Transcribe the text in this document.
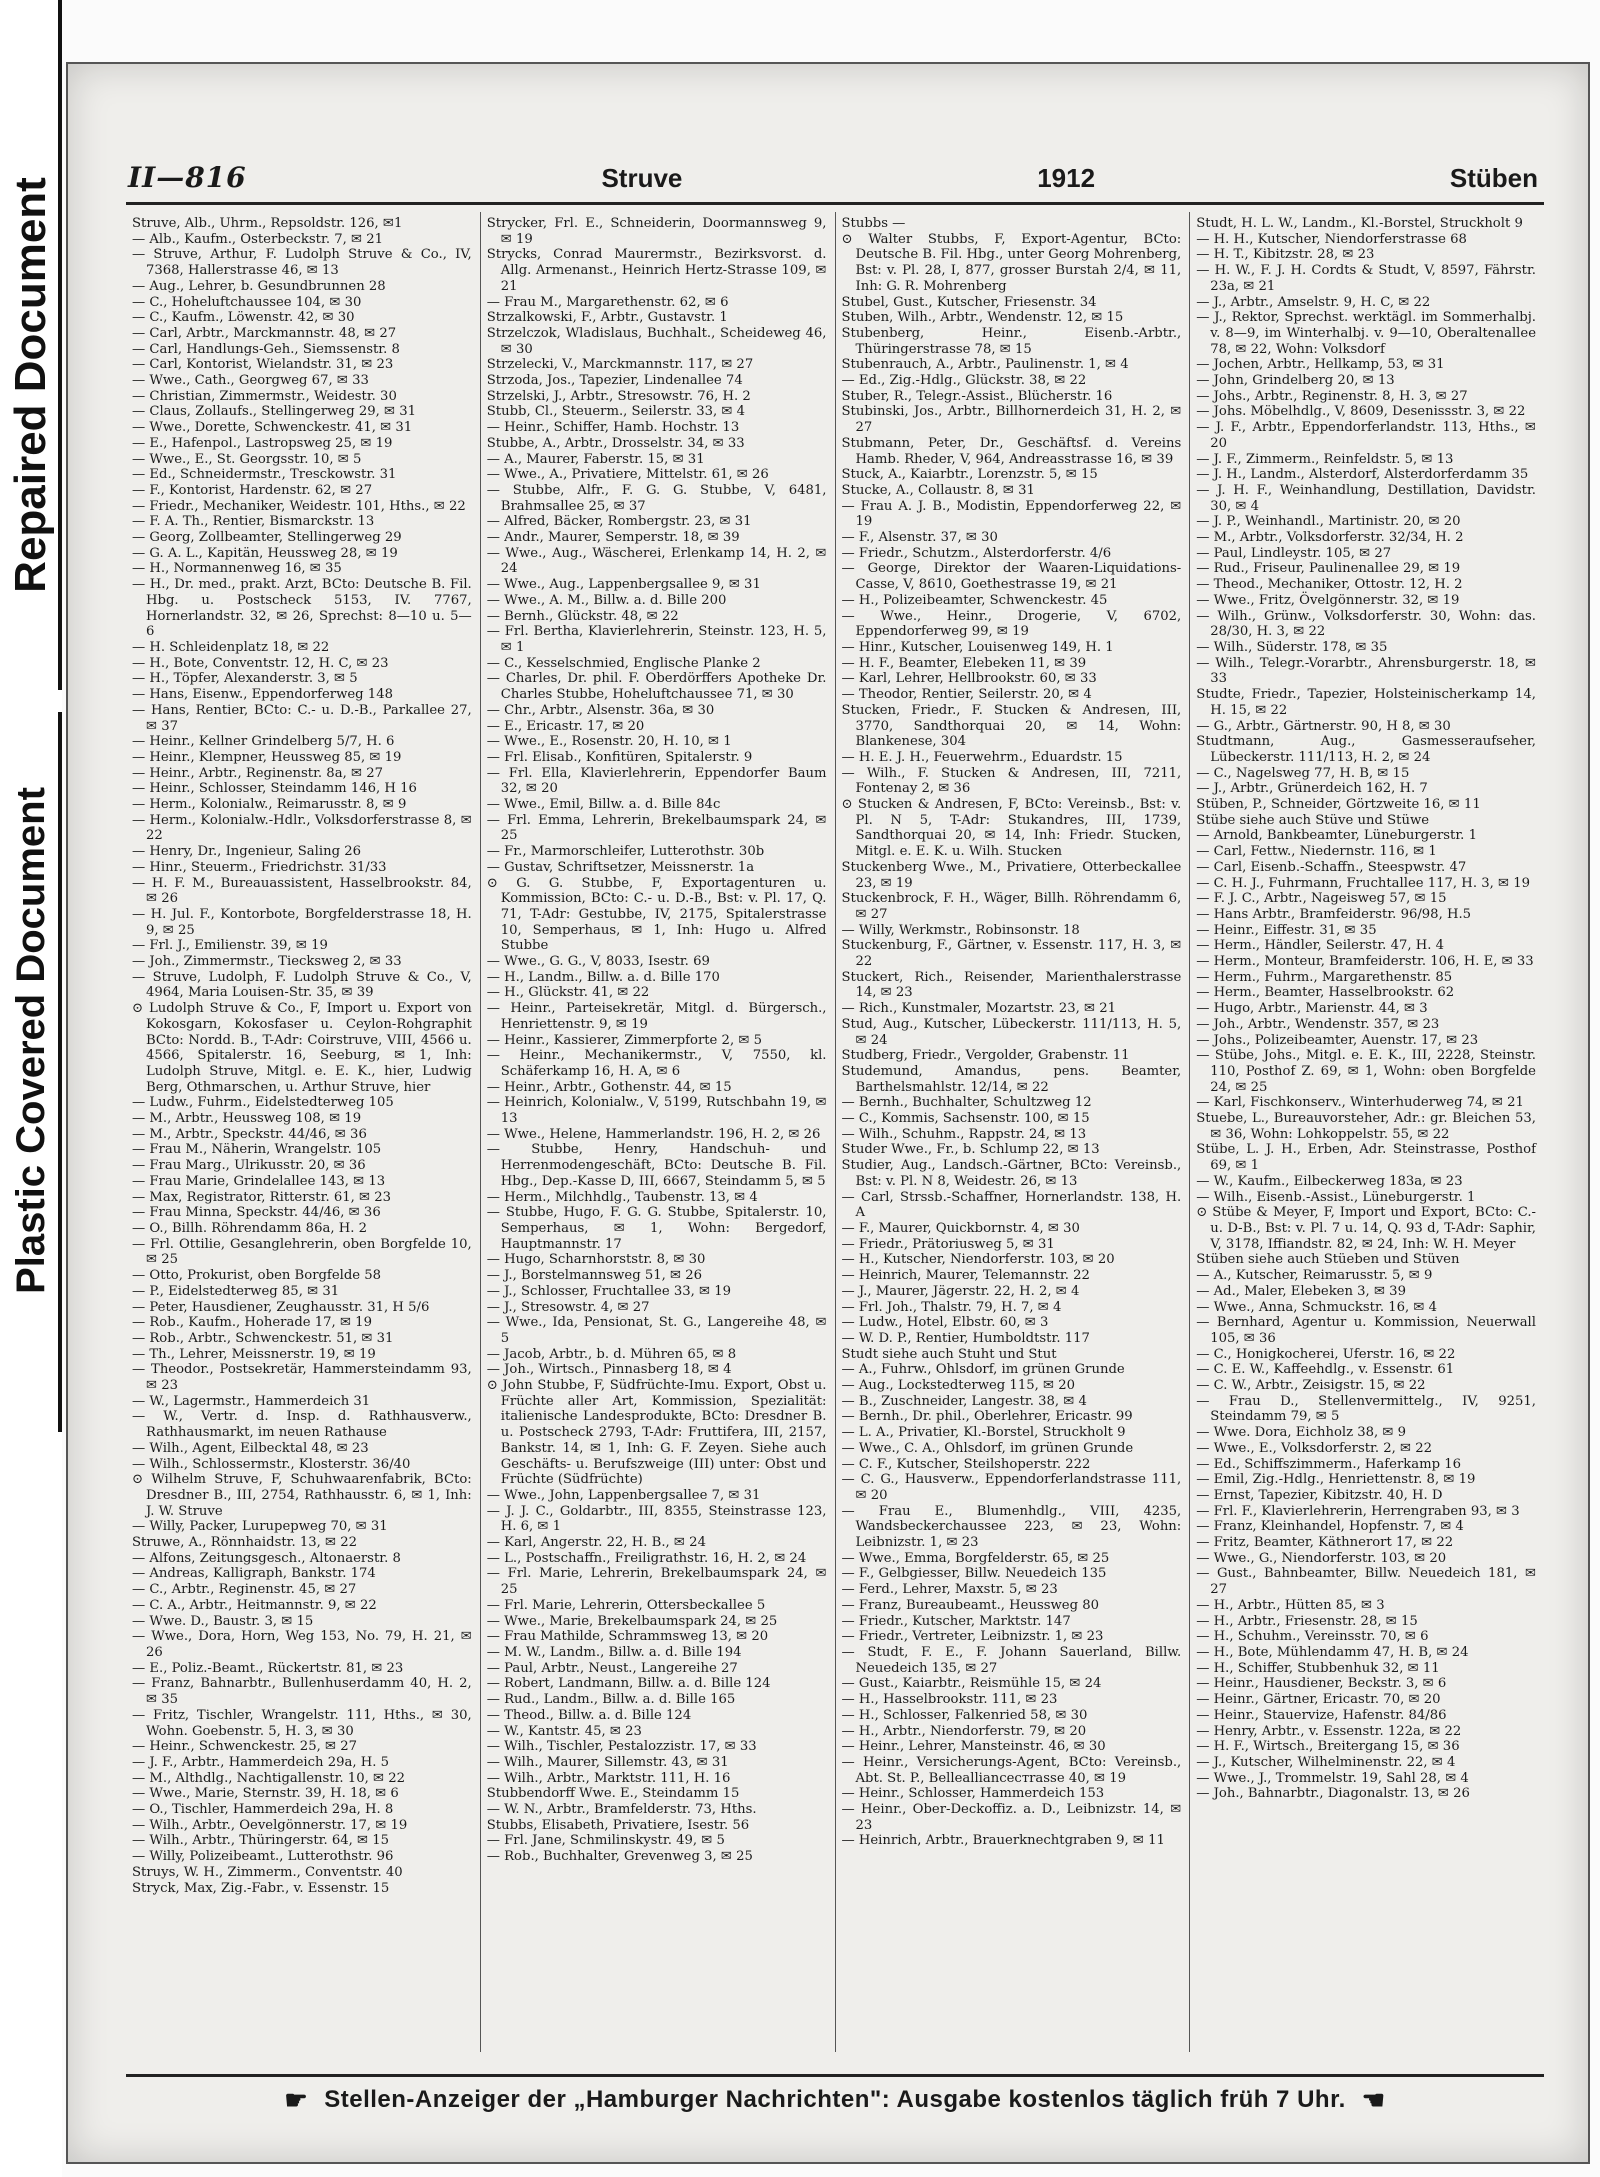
Repaired Document
Plastic Covered Document
II—816	Struve	1912	Stüben

Struve, Alb., Uhrm., Repsoldstr. 126, ✉1

— Alb., Kaufm., Osterbeckstr. 7, ✉ 21

— Struve, Arthur, F. Ludolph Struve & Co., IV, 7368, Hallerstrasse 46, ✉ 13

— Aug., Lehrer, b. Gesundbrunnen 28

— C., Hoheluftchaussee 104, ✉ 30

— C., Kaufm., Löwenstr. 42, ✉ 30

— Carl, Arbtr., Marckmannstr. 48, ✉ 27

— Carl, Handlungs-Geh., Siemssenstr. 8

— Carl, Kontorist, Wielandstr. 31, ✉ 23

— Wwe., Cath., Georgweg 67, ✉ 33

— Christian, Zimmermstr., Weidestr. 30

— Claus, Zollaufs., Stellingerweg 29, ✉ 31

— Wwe., Dorette, Schwenckestr. 41, ✉ 31

— E., Hafenpol., Lastropsweg 25, ✉ 19

— Wwe., E., St. Georgsstr. 10, ✉ 5

— Ed., Schneidermstr., Tresckowstr. 31

— F., Kontorist, Hardenstr. 62, ✉ 27

— Friedr., Mechaniker, Weidestr. 101, Hths., ✉ 22

— F. A. Th., Rentier, Bismarckstr. 13

— Georg, Zollbeamter, Stellingerweg 29

— G. A. L., Kapitän, Heussweg 28, ✉ 19

— H., Normannenweg 16, ✉ 35

— H., Dr. med., prakt. Arzt, BCto: Deutsche B. Fil. Hbg. u. Postscheck 5153, IV. 7767, Hornerlandstr. 32, ✉ 26, Sprechst: 8—10 u. 5—6

— H. Schleidenplatz 18, ✉ 22

— H., Bote, Conventstr. 12, H. C, ✉ 23

— H., Töpfer, Alexanderstr. 3, ✉ 5

— Hans, Eisenw., Eppendorferweg 148

— Hans, Rentier, BCto: C.- u. D.-B., Parkallee 27, ✉ 37

— Heinr., Kellner Grindelberg 5/7, H. 6

— Heinr., Klempner, Heussweg 85, ✉ 19

— Heinr., Arbtr., Reginenstr. 8a, ✉ 27

— Heinr., Schlosser, Steindamm 146, H 16

— Herm., Kolonialw., Reimarusstr. 8, ✉ 9

— Herm., Kolonialw.-Hdlr., Volksdorferstrasse 8, ✉ 22

— Henry, Dr., Ingenieur, Saling 26

— Hinr., Steuerm., Friedrichstr. 31/33

— H. F. M., Bureauassistent, Hasselbrookstr. 84, ✉ 26

— H. Jul. F., Kontorbote, Borgfelderstrasse 18, H. 9, ✉ 25

— Frl. J., Emilienstr. 39, ✉ 19

— Joh., Zimmermstr., Tiecksweg 2, ✉ 33

— Struve, Ludolph, F. Ludolph Struve & Co., V, 4964, Maria Louisen-Str. 35, ✉ 39

⊙ Ludolph Struve & Co., F, Import u. Export von Kokosgarn, Kokosfaser u. Ceylon-Rohgraphit BCto: Nordd. B., T-Adr: Coirstruve, VIII, 4566 u. 4566, Spitalerstr. 16, Seeburg, ✉ 1, Inh: Ludolph Struve, Mitgl. e. E. K., hier, Ludwig Berg, Othmarschen, u. Arthur Struve, hier

— Ludw., Fuhrm., Eidelstedterweg 105

— M., Arbtr., Heussweg 108, ✉ 19

— M., Arbtr., Speckstr. 44/46, ✉ 36

— Frau M., Näherin, Wrangelstr. 105

— Frau Marg., Ulrikusstr. 20, ✉ 36

— Frau Marie, Grindelallee 143, ✉ 13

— Max, Registrator, Ritterstr. 61, ✉ 23

— Frau Minna, Speckstr. 44/46, ✉ 36

— O., Billh. Röhrendamm 86a, H. 2

— Frl. Ottilie, Gesanglehrerin, oben Borgfelde 10, ✉ 25

— Otto, Prokurist, oben Borgfelde 58

— P., Eidelstedterweg 85, ✉ 31

— Peter, Hausdiener, Zeughausstr. 31, H 5/6

— Rob., Kaufm., Hoheradе 17, ✉ 19

— Rob., Arbtr., Schwenckestr. 51, ✉ 31

— Th., Lehrer, Meissnerstr. 19, ✉ 19

— Theodor., Postsekretär, Hammersteindamm 93, ✉ 23

— W., Lagermstr., Hammerdeich 31

— W., Vertr. d. Insp. d. Rathhausverw., Rathhausmarkt, im neuen Rathause

— Wilh., Agent, Eilbecktal 48, ✉ 23

— Wilh., Schlossermstr., Klosterstr. 36/40

⊙ Wilhelm Struve, F, Schuhwaarenfabrik, BCto: Dresdner B., III, 2754, Rathhausstr. 6, ✉ 1, Inh: J. W. Struve

— Willy, Packer, Lurupерweg 70, ✉ 31

Struwe, A., Rönnhaidstr. 13, ✉ 22

— Alfons, Zeitungsgesch., Altonaerstr. 8

— Andreas, Kalligraph, Bankstr. 174

— C., Arbtr., Reginenstr. 45, ✉ 27

— C. A., Arbtr., Heitmannstr. 9, ✉ 22

— Wwe. D., Baustr. 3, ✉ 15

— Wwe., Dora, Horn, Weg 153, No. 79, H. 21, ✉ 26

— E., Poliz.-Beamt., Rückertstr. 81, ✉ 23

— Franz, Bahnarbtr., Bullenhuserdamm 40, H. 2, ✉ 35

— Fritz, Tischler, Wrangelstr. 111, Hths., ✉ 30, Wohn. Goebenstr. 5, H. 3, ✉ 30

— Heinr., Schwenckestr. 25, ✉ 27

— J. F., Arbtr., Hammerdeich 29a, H. 5

— M., Althdlg., Nachtigallenstr. 10, ✉ 22

— Wwe., Marie, Sternstr. 39, H. 18, ✉ 6

— O., Tischler, Hammerdeich 29a, H. 8

— Wilh., Arbtr., Oevelgönnerstr. 17, ✉ 19

— Wilh., Arbtr., Thüringerstr. 64, ✉ 15

— Willy, Polizeibeamt., Lutterothstr. 96

Struys, W. H., Zimmerm., Conventstr. 40

Stryck, Max, Zig.-Fabr., v. Essenstr. 15

Strycker, Frl. E., Schneiderin, Doormannsweg 9, ✉ 19

Strycks, Conrad Maurermstr., Bezirksvorst. d. Allg. Armenanst., Heinrich Hertz-Strasse 109, ✉ 21

— Frau M., Margarethenstr. 62, ✉ 6

Strzalkowski, F., Arbtr., Gustavstr. 1

Strzelczok, Wladislaus, Buchhalt., Scheideweg 46, ✉ 30

Strzelecki, V., Marckmannstr. 117, ✉ 27

Strzoda, Jos., Tapezier, Lindenallee 74

Strzelski, J., Arbtr., Stresowstr. 76, H. 2

Stubb, Cl., Steuerm., Seilerstr. 33, ✉ 4

— Heinr., Schiffer, Hamb. Hochstr. 13

Stubbe, A., Arbtr., Drosselstr. 34, ✉ 33

— A., Maurer, Faberstr. 15, ✉ 31

— Wwe., A., Privatiere, Mittelstr. 61, ✉ 26

— Stubbe, Alfr., F. G. G. Stubbe, V, 6481, Brahmsallee 25, ✉ 37

— Alfred, Bäcker, Rombergstr. 23, ✉ 31

— Andr., Maurer, Semperstr. 18, ✉ 39

— Wwe., Aug., Wäscherei, Erlenkamp 14, H. 2, ✉ 24

— Wwe., Aug., Lappenbergsallee 9, ✉ 31

— Wwe., A. M., Billw. a. d. Bille 200

— Bernh., Glückstr. 48, ✉ 22

— Frl. Bertha, Klavierlehrerin, Steinstr. 123, H. 5, ✉ 1

— C., Kesselschmied, Englische Planke 2

— Charles, Dr. phil. F. Oberdörffers Apotheke Dr. Charles Stubbe, Hoheluftchaussee 71, ✉ 30

— Chr., Arbtr., Alsenstr. 36a, ✉ 30

— E., Ericastr. 17, ✉ 20

— Wwe., E., Rosenstr. 20, H. 10, ✉ 1

— Frl. Elisab., Konfitüren, Spitalerstr. 9

— Frl. Ella, Klavierlehrerin, Eppendorfer Baum 32, ✉ 20

— Wwe., Emil, Billw. a. d. Bille 84c

— Frl. Emma, Lehrerin, Brekelbaumspark 24, ✉ 25

— Fr., Marmorschleifer, Lutterothstr. 30b

— Gustav, Schriftsetzer, Meissnerstr. 1a

⊙ G. G. Stubbe, F, Exportagenturen u. Kommission, BCto: C.- u. D.-B., Bst: v. Pl. 17, Q. 71, T-Adr: Gestubbe, IV, 2175, Spitalerstrasse 10, Semperhaus, ✉ 1, Inh: Hugo u. Alfred Stubbe

— Wwe., G. G., V, 8033, Isestr. 69

— H., Landm., Billw. a. d. Bille 170

— H., Glückstr. 41, ✉ 22

— Heinr., Parteisekretär, Mitgl. d. Bürgersch., Henriettenstr. 9, ✉ 19

— Heinr., Kassierer, Zimmerpforte 2, ✉ 5

— Heinr., Mechanikermstr., V, 7550, kl. Schäferkamp 16, H. A, ✉ 6

— Heinr., Arbtr., Gothenstr. 44, ✉ 15

— Heinrich, Kolonialw., V, 5199, Rutschbahn 19, ✉ 13

— Wwe., Helene, Hammerlandstr. 196, H. 2, ✉ 26

— Stubbe, Henry, Handschuh- und Herrenmodengeschäft, BCto: Deutsche B. Fil. Hbg., Dep.-Kasse D, III, 6667, Steindamm 5, ✉ 5

— Herm., Milchhdlg., Taubenstr. 13, ✉ 4

— Stubbe, Hugo, F. G. G. Stubbe, Spitalerstr. 10, Semperhaus, ✉ 1, Wohn: Bergedorf, Hauptmannstr. 17

— Hugo, Scharnhorststr. 8, ✉ 30

— J., Borstelmannsweg 51, ✉ 26

— J., Schlosser, Fruchtallee 33, ✉ 19

— J., Stresowstr. 4, ✉ 27

— Wwe., Ida, Pensionat, St. G., Langereihe 48, ✉ 5

— Jacob, Arbtr., b. d. Mühren 65, ✉ 8

— Joh., Wirtsch., Pinnasberg 18, ✉ 4

⊙ John Stubbe, F, Südfrüchte-Imu. Export, Obst u. Früchte aller Art, Kommission, Spezialität: italienische Landesprodukte, BCto: Dresdner B. u. Postscheck 2793, T-Adr: Fruttifera, III, 2157, Bankstr. 14, ✉ 1, Inh: G. F. Zeyen. Siehe auch Geschäfts- u. Berufszweige (III) unter: Obst und Früchte (Südfrüchte)

— Wwe., John, Lappenbergsallee 7, ✉ 31

— J. J. C., Goldarbtr., III, 8355, Steinstrasse 123, H. 6, ✉ 1

— Karl, Angerstr. 22, H. B., ✉ 24

— L., Postschaffn., Freiligrathstr. 16, H. 2, ✉ 24

— Frl. Marie, Lehrerin, Brekelbaumspark 24, ✉ 25

— Frl. Marie, Lehrerin, Ottersbeckallee 5

— Wwe., Marie, Brekelbaumspark 24, ✉ 25

— Frau Mathilde, Schrammsweg 13, ✉ 20

— M. W., Landm., Billw. a. d. Bille 194

— Paul, Arbtr., Neust., Langereihe 27

— Robert, Landmann, Billw. a. d. Bille 124

— Rud., Landm., Billw. a. d. Bille 165

— Theod., Billw. a. d. Bille 124

— W., Kantstr. 45, ✉ 23

— Wilh., Tischler, Pestalozzistr. 17, ✉ 33

— Wilh., Maurer, Sillemstr. 43, ✉ 31

— Wilh., Arbtr., Marktstr. 111, H. 16

Stubbendorff Wwe. E., Steindamm 15

— W. N., Arbtr., Bramfelderstr. 73, Hths.

Stubbs, Elisabeth, Privatiere, Isestr. 56

— Frl. Jane, Schmilinskystr. 49, ✉ 5

— Rob., Buchhalter, Grevenweg 3, ✉ 25

Stubbs —

⊙ Walter Stubbs, F, Export-Agentur, BCto: Deutsche B. Fil. Hbg., unter Georg Mohrenberg, Bst: v. Pl. 28, I, 877, grosser Burstah 2/4, ✉ 11, Inh: G. R. Mohrenberg

Stubel, Gust., Kutscher, Friesenstr. 34

Stuben, Wilh., Arbtr., Wendenstr. 12, ✉ 15

Stubenberg, Heinr., Eisenb.-Arbtr., Thüringerstrasse 78, ✉ 15

Stubenrauch, A., Arbtr., Paulinenstr. 1, ✉ 4

— Ed., Zig.-Hdlg., Glückstr. 38, ✉ 22

Stuber, R., Telegr.-Assist., Blücherstr. 16

Stubinski, Jos., Arbtr., Billhornerdeich 31, H. 2, ✉ 27

Stubmann, Peter, Dr., Geschäftsf. d. Vereins Hamb. Rheder, V, 964, Andreasstrasse 16, ✉ 39

Stuck, A., Kaiarbtr., Lorenzstr. 5, ✉ 15

Stucke, A., Collaustr. 8, ✉ 31

— Frau A. J. B., Modistin, Eppendorferweg 22, ✉ 19

— F., Alsenstr. 37, ✉ 30

— Friedr., Schutzm., Alsterdorferstr. 4/6

— George, Direktor der Waaren-Liquidations-Casse, V, 8610, Goethestrasse 19, ✉ 21

— H., Polizeibeamter, Schwenckestr. 45

— Wwe., Heinr., Drogerie, V, 6702, Eppendorferweg 99, ✉ 19

— Hinr., Kutscher, Louisenweg 149, H. 1

— H. F., Beamter, Elebeken 11, ✉ 39

— Karl, Lehrer, Hellbrookstr. 60, ✉ 33

— Theodor, Rentier, Seilerstr. 20, ✉ 4

Stucken, Friedr., F. Stucken & Andresen, III, 3770, Sandthorquai 20, ✉ 14, Wohn: Blankenese, 304

— H. E. J. H., Feuerwehrm., Eduardstr. 15

— Wilh., F. Stucken & Andresen, III, 7211, Fontenay 2, ✉ 36

⊙ Stucken & Andresen, F, BCto: Vereinsb., Bst: v. Pl. N 5, T-Adr: Stukandres, III, 1739, Sandthorquai 20, ✉ 14, Inh: Friedr. Stucken, Mitgl. e. E. K. u. Wilh. Stucken

Stuckenberg Wwe., M., Privatiere, Otterbeckallee 23, ✉ 19

Stuckenbrock, F. H., Wäger, Billh. Röhrendamm 6, ✉ 27

— Willy, Werkmstr., Robinsonstr. 18

Stuckenburg, F., Gärtner, v. Essenstr. 117, H. 3, ✉ 22

Stuckert, Rich., Reisender, Marienthalerstrasse 14, ✉ 23

— Rich., Kunstmaler, Mozartstr. 23, ✉ 21

Stud, Aug., Kutscher, Lübeckerstr. 111/113, H. 5, ✉ 24

Studberg, Friedr., Vergolder, Grabenstr. 11

Studemund, Amandus, pens. Beamter, Barthelsmahlstr. 12/14, ✉ 22

— Bernh., Buchhalter, Schultzweg 12

— C., Kommis, Sachsenstr. 100, ✉ 15

— Wilh., Schuhm., Rappstr. 24, ✉ 13

Studer Wwe., Fr., b. Schlump 22, ✉ 13

Studier, Aug., Landsch.-Gärtner, BCto: Vereinsb., Bst: v. Pl. N 8, Weidestr. 26, ✉ 13

— Carl, Strssb.-Schaffner, Hornerlandstr. 138, H. A

— F., Maurer, Quickbornstr. 4, ✉ 30

— Friedr., Prätoriusweg 5, ✉ 31

— H., Kutscher, Niendorferstr. 103, ✉ 20

— Heinrich, Maurer, Telemannstr. 22

— J., Maurer, Jägerstr. 22, H. 2, ✉ 4

— Frl. Joh., Thalstr. 79, H. 7, ✉ 4

— Ludw., Hotel, Elbstr. 60, ✉ 3

— W. D. P., Rentier, Humboldtstr. 117

Studt siehe auch Stuht und Stut

— A., Fuhrw., Ohlsdorf, im grünen Grunde

— Aug., Lockstedterweg 115, ✉ 20

— B., Zuschneider, Langestr. 38, ✉ 4

— Bernh., Dr. phil., Oberlehrer, Ericastr. 99

— L. A., Privatier, Kl.-Borstel, Struckholt 9

— Wwe., C. A., Ohlsdorf, im grünen Grunde

— C. F., Kutscher, Steilshoperstr. 222

— C. G., Hausverw., Eppendorferlandstrasse 111, ✉ 20

— Frau E., Blumenhdlg., VIII, 4235, Wandsbeckerchaussee 223, ✉ 23, Wohn: Leibnizstr. 1, ✉ 23

— Wwe., Emma, Borgfelderstr. 65, ✉ 25

— F., Gelbgiesser, Billw. Neuedeich 135

— Ferd., Lehrer, Maxstr. 5, ✉ 23

— Franz, Bureaubeamt., Heussweg 80

— Friedr., Kutscher, Marktstr. 147

— Friedr., Vertreter, Leibnizstr. 1, ✉ 23

— Studt, F. E., F. Johann Sauerland, Billw. Neuedeich 135, ✉ 27

— Gust., Kaiarbtr., Reismühle 15, ✉ 24

— H., Hasselbrookstr. 111, ✉ 23

— H., Schlosser, Falkenried 58, ✉ 30

— H., Arbtr., Niendorferstr. 79, ✉ 20

— Heinr., Lehrer, Mansteinstr. 46, ✉ 30

— Heinr., Versicherungs-Agent, BCto: Vereinsb., Abt. St. P., Belleallianceстrasse 40, ✉ 19

— Heinr., Schlosser, Hammerdeich 153

— Heinr., Ober-Deckoffiz. a. D., Leibnizstr. 14, ✉ 23

— Heinrich, Arbtr., Brauerknechtgraben 9, ✉ 11

Studt, H. L. W., Landm., Kl.-Borstel, Struckholt 9

— H. H., Kutscher, Niendorferstrasse 68

— H. T., Kibitzstr. 28, ✉ 23

— H. W., F. J. H. Cordts & Studt, V, 8597, Fährstr. 23a, ✉ 21

— J., Arbtr., Amselstr. 9, H. C, ✉ 22

— J., Rektor, Sprechst. werktägl. im Sommerhalbj. v. 8—9, im Winterhalbj. v. 9—10, Oberaltenallee 78, ✉ 22, Wohn: Volksdorf

— Jochen, Arbtr., Hellkamp, 53, ✉ 31

— John, Grindelberg 20, ✉ 13

— Johs., Arbtr., Reginenstr. 8, H. 3, ✉ 27

— Johs. Möbelhdlg., V, 8609, Desenissstr. 3, ✉ 22

— J. F., Arbtr., Eppendorferlandstr. 113, Hths., ✉ 20

— J. F., Zimmerm., Reinfeldstr. 5, ✉ 13

— J. H., Landm., Alsterdorf, Alsterdorferdamm 35

— J. H. F., Weinhandlung, Destillation, Davidstr. 30, ✉ 4

— J. P., Weinhandl., Martinistr. 20, ✉ 20

— M., Arbtr., Volksdorferstr. 32/34, H. 2

— Paul, Lindleystr. 105, ✉ 27

— Rud., Friseur, Paulinenallee 29, ✉ 19

— Theod., Mechaniker, Ottostr. 12, H. 2

— Wwe., Fritz, Övelgönnerstr. 32, ✉ 19

— Wilh., Grünw., Volksdorferstr. 30, Wohn: das. 28/30, H. 3, ✉ 22

— Wilh., Süderstr. 178, ✉ 35

— Wilh., Telegr.-Vorarbtr., Ahrensburgerstr. 18, ✉ 33

Studte, Friedr., Tapezier, Holsteinischerkamp 14, H. 15, ✉ 22

— G., Arbtr., Gärtnerstr. 90, H 8, ✉ 30

Studtmann, Aug., Gasmesseraufseher, Lübeckerstr. 111/113, H. 2, ✉ 24

— C., Nagelsweg 77, H. B, ✉ 15

— J., Arbtr., Grünerdeich 162, H. 7

Stüben, P., Schneider, Görtzweite 16, ✉ 11

Stübe siehe auch Stüve und Stüwe

— Arnold, Bankbeamter, Lüneburgerstr. 1

— Carl, Fettw., Niedernstr. 116, ✉ 1

— Carl, Eisenb.-Schaffn., Steespwstr. 47

— C. H. J., Fuhrmann, Fruchtallee 117, H. 3, ✉ 19

— F. J. C., Arbtr., Nageisweg 57, ✉ 15

— Hans Arbtr., Bramfeiderstr. 96/98, H.5

— Heinr., Eiffestr. 31, ✉ 35

— Herm., Händler, Seilerstr. 47, H. 4

— Herm., Monteur, Bramfeiderstr. 106, H. E, ✉ 33

— Herm., Fuhrm., Margarethenstr. 85

— Herm., Beamter, Hasselbrookstr. 62

— Hugo, Arbtr., Marienstr. 44, ✉ 3

— Joh., Arbtr., Wendenstr. 357, ✉ 23

— Johs., Polizeibeamter, Auenstr. 17, ✉ 23

— Stübe, Johs., Mitgl. e. E. K., III, 2228, Steinstr. 110, Posthof Z. 69, ✉ 1, Wohn: oben Borgfelde 24, ✉ 25

— Karl, Fischkonserv., Winterhuderweg 74, ✉ 21

Stuebe, L., Bureauvorsteher, Adr.: gr. Bleichen 53, ✉ 36, Wohn: Lohkoppelstr. 55, ✉ 22

Stübe, L. J. H., Erben, Adr. Steinstrasse, Posthof 69, ✉ 1

— W., Kaufm., Eilbeckerweg 183a, ✉ 23

— Wilh., Eisenb.-Assist., Lüneburgerstr. 1

⊙ Stübe & Meyer, F, Import und Export, BCto: C.- u. D-B., Bst: v. Pl. 7 u. 14, Q. 93 d, T-Adr: Saphir, V, 3178, Iffiandstr. 82, ✉ 24, Inh: W. H. Meyer

Stüben siehe auch Stüeben und Stüven

— A., Kutscher, Reimarusstr. 5, ✉ 9

— Ad., Maler, Elebeken 3, ✉ 39

— Wwe., Anna, Schmuckstr. 16, ✉ 4

— Bernhard, Agentur u. Kommission, Neuerwall 105, ✉ 36

— C., Honigkocherei, Uferstr. 16, ✉ 22

— C. E. W., Kaffeehdlg., v. Essenstr. 61

— C. W., Arbtr., Zeisigstr. 15, ✉ 22

— Frau D., Stellenvermittelg., IV, 9251, Steindamm 79, ✉ 5

— Wwe. Dora, Eichholz 38, ✉ 9

— Wwe., E., Volksdorferstr. 2, ✉ 22

— Ed., Schiffszimmerm., Haferkamp 16

— Emil, Zig.-Hdlg., Henriettenstr. 8, ✉ 19

— Ernst, Tapezier, Kibitzstr. 40, H. D

— Frl. F., Klavierlehrerin, Herrengraben 93, ✉ 3

— Franz, Kleinhandel, Hopfenstr. 7, ✉ 4

— Fritz, Beamter, Käthnerort 17, ✉ 22

— Wwe., G., Niendorferstr. 103, ✉ 20

— Gust., Bahnbeamter, Billw. Neuedeich 181, ✉ 27

— H., Arbtr., Hütten 85, ✉ 3

— H., Arbtr., Friesenstr. 28, ✉ 15

— H., Schuhm., Vereinsstr. 70, ✉ 6

— H., Bote, Mühlendamm 47, H. B, ✉ 24

— H., Schiffer, Stubbenhuk 32, ✉ 11

— Heinr., Hausdiener, Beckstr. 3, ✉ 6

— Heinr., Gärtner, Ericastr. 70, ✉ 20

— Heinr., Stauervize, Hafenstr. 84/86

— Henry, Arbtr., v. Essenstr. 122a, ✉ 22

— H. F., Wirtsch., Breitergang 15, ✉ 36

— J., Kutscher, Wilhelminenstr. 22, ✉ 4

— Wwe., J., Trommelstr. 19, Sahl 28, ✉ 4

— Joh., Bahnarbtr., Diagonalstr. 13, ✉ 26

☛ Stellen-Anzeiger der „Hamburger Nachrichten": Ausgabe kostenlos täglich früh 7 Uhr. ☚
